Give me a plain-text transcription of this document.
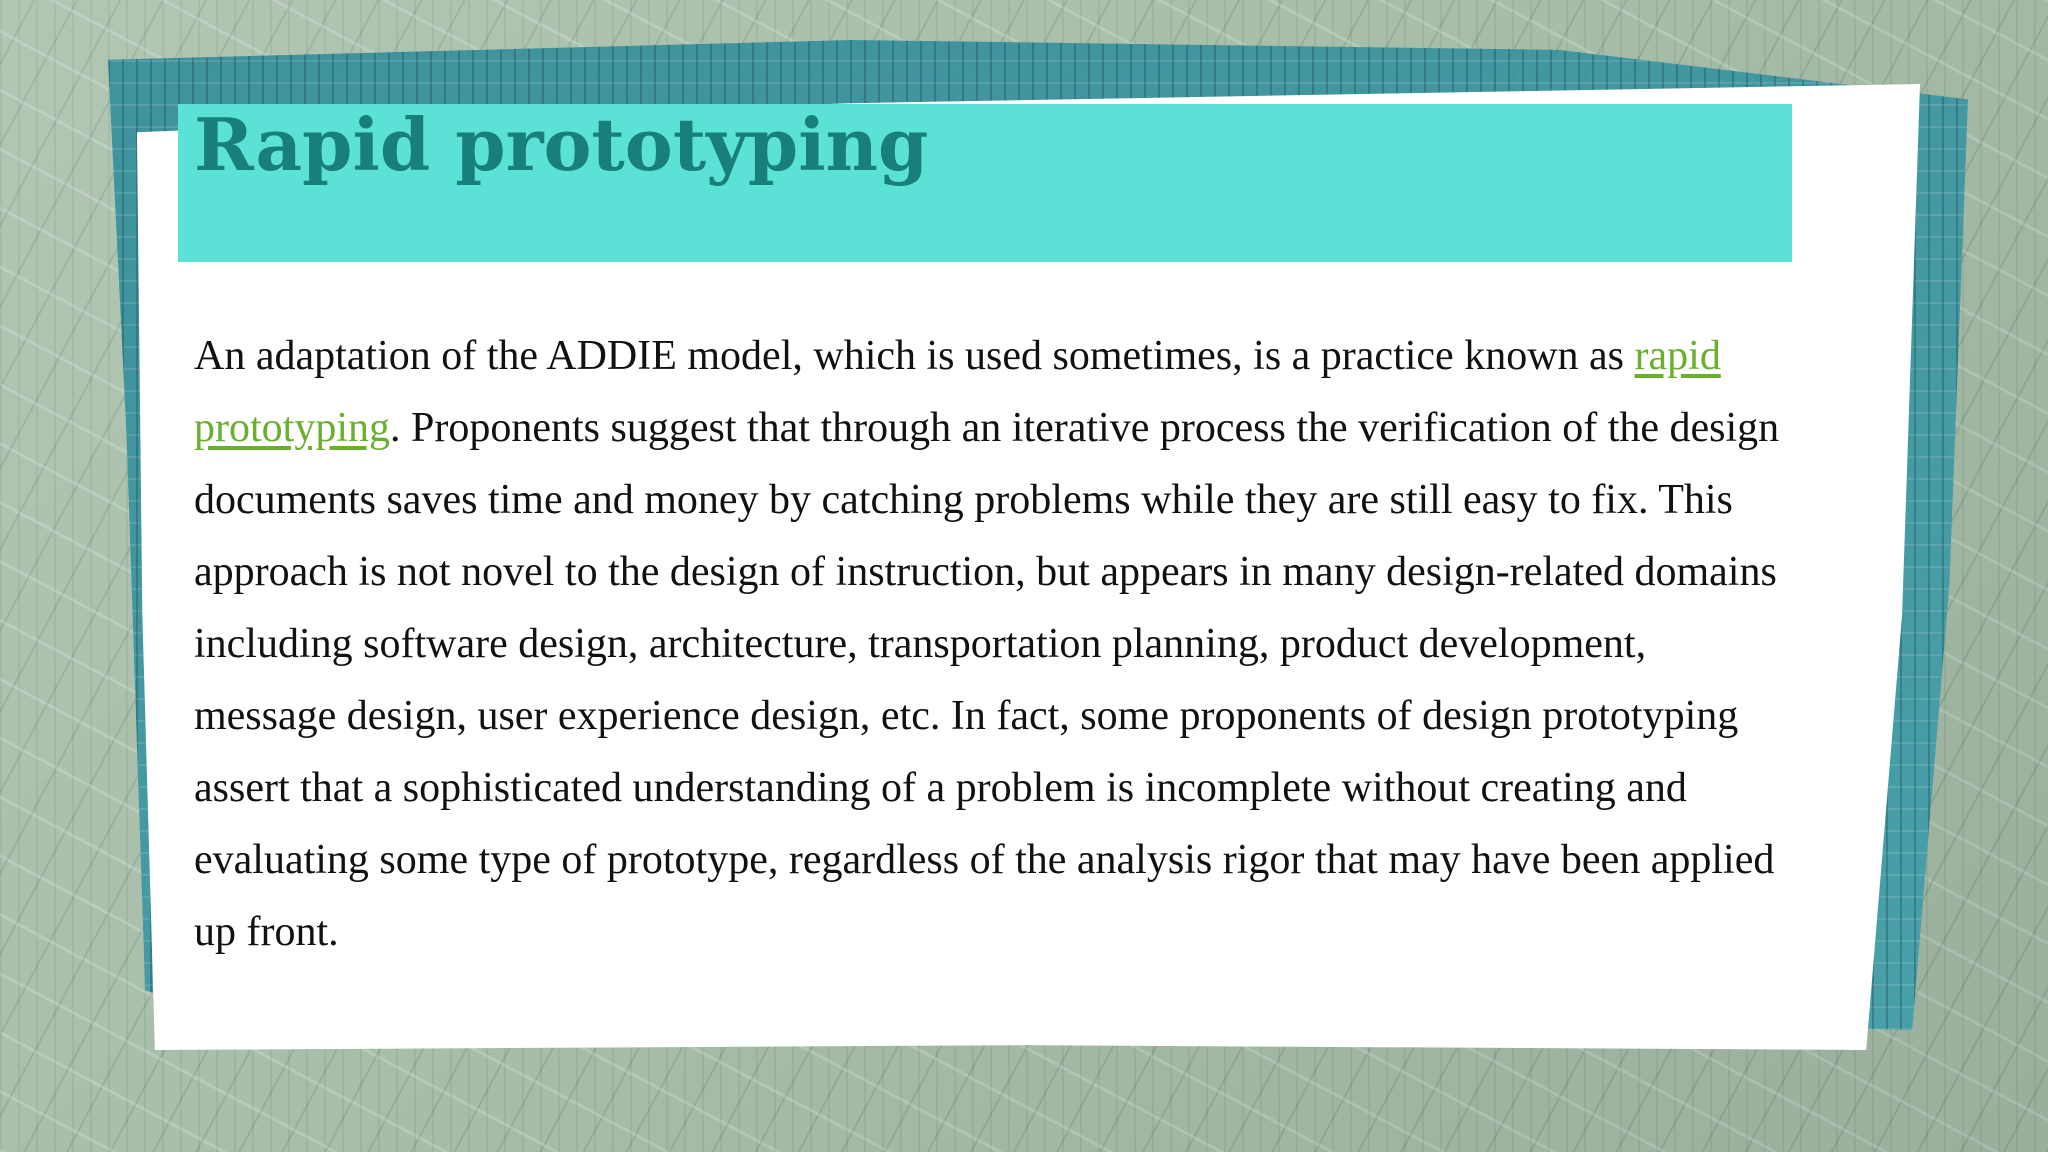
Rapid prototyping

An adaptation of the ADDIE model, which is used sometimes, is a practice known as rapid prototyping. Proponents suggest that through an iterative process the verification of the design documents saves time and money by catching problems while they are still easy to fix. This approach is not novel to the design of instruction, but appears in many design-related domains including software design, architecture, transportation planning, product development, message design, user experience design, etc. In fact, some proponents of design prototyping assert that a sophisticated understanding of a problem is incomplete without creating and evaluating some type of prototype, regardless of the analysis rigor that may have been applied up front.
